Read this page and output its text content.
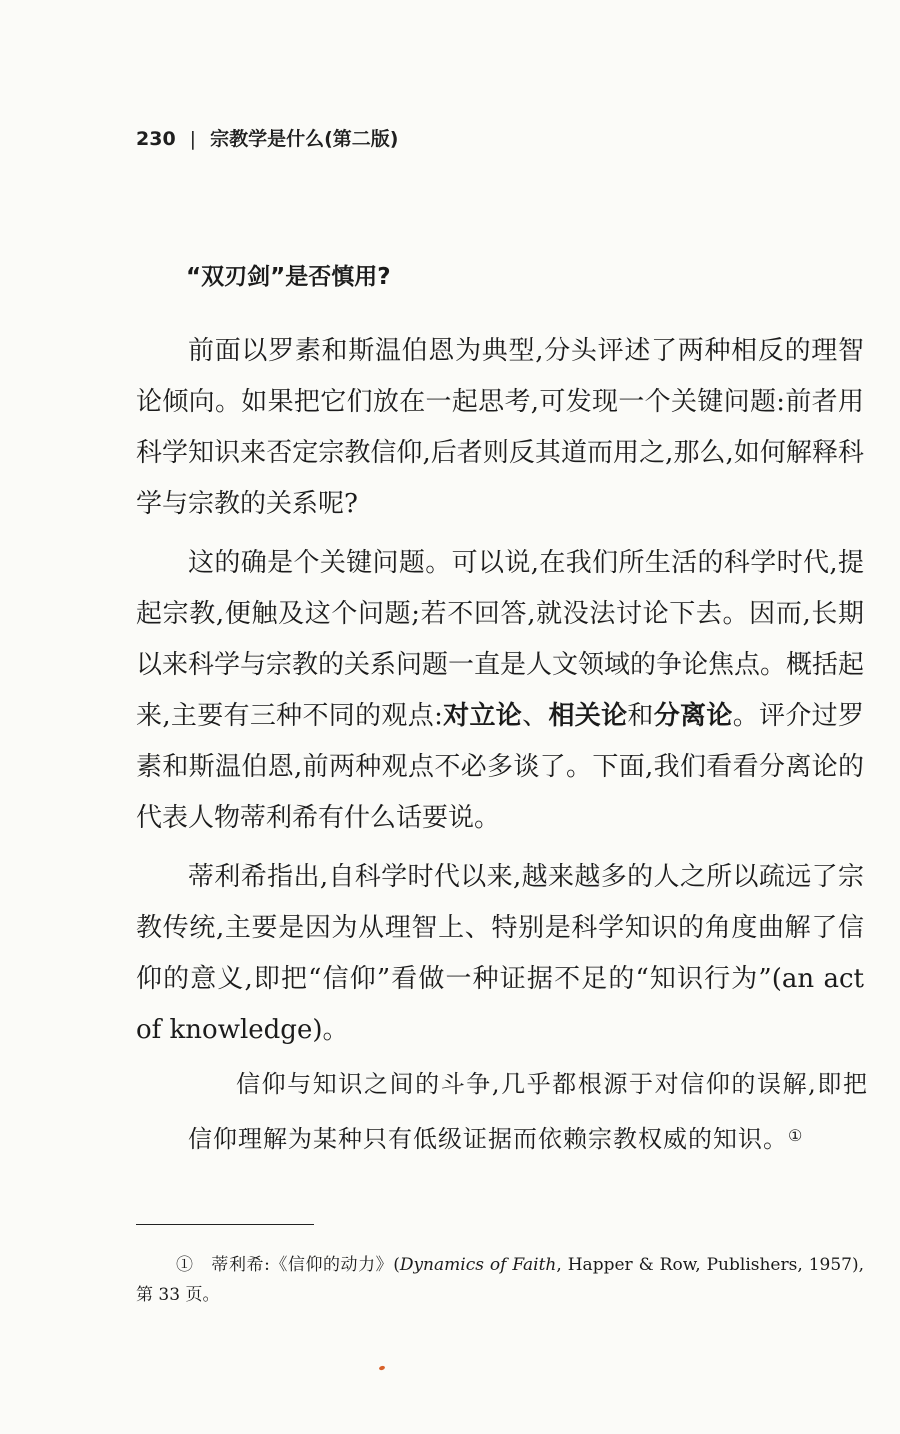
230 | 宗教学是什么(第二版)
“双刃剑”是否慎用?

前面以罗素和斯温伯恩为典型,分头评述了两种相反的理智论倾向。如果把它们放在一起思考,可发现一个关键问题:前者用科学知识来否定宗教信仰,后者则反其道而用之,那么,如何解释科学与宗教的关系呢?

这的确是个关键问题。可以说,在我们所生活的科学时代,提起宗教,便触及这个问题;若不回答,就没法讨论下去。因而,长期以来科学与宗教的关系问题一直是人文领域的争论焦点。概括起来,主要有三种不同的观点:对立论、相关论和分离论。评介过罗素和斯温伯恩,前两种观点不必多谈了。下面,我们看看分离论的代表人物蒂利希有什么话要说。

蒂利希指出,自科学时代以来,越来越多的人之所以疏远了宗教传统,主要是因为从理智上、特别是科学知识的角度曲解了信仰的意义,即把“信仰”看做一种证据不足的“知识行为”(an act of knowledge)。

信仰与知识之间的斗争,几乎都根源于对信仰的误解,即把信仰理解为某种只有低级证据而依赖宗教权威的知识。①

① 蒂利希:《信仰的动力》(Dynamics of Faith, Happer & Row, Publishers, 1957),第 33 页。
